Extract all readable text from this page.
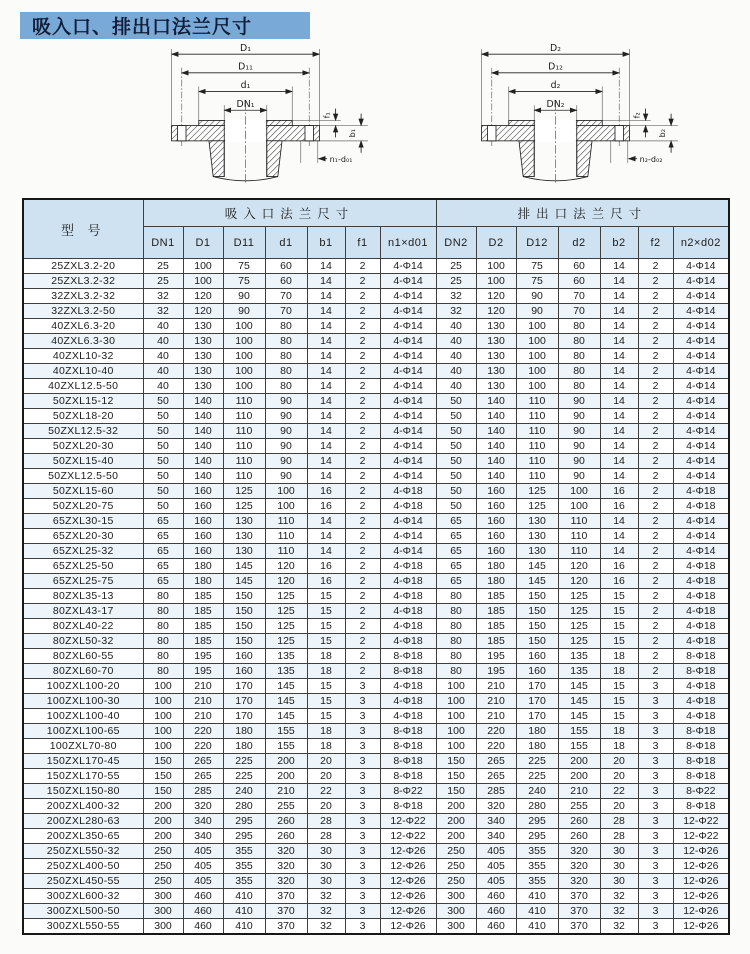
吸入口、排出口法兰尺寸
D₁
D₁₁
d₁
DN₁
f₁
b₁
n₁-d₀₁
D₂
D₁₂
d₂
DN₂
f₂
b₂
n₂-d₀₂
型 号	吸入口法兰尺寸							排出口法兰尺寸						
	DN1	D1	D11	d1	b1	f1	n1×d01	DN2	D2	D12	d2	b2	f2	n2×d02
25ZXL3.2-20	25	100	75	60	14	2	4-Φ14	25	100	75	60	14	2	4-Φ14
25ZXL3.2-32	25	100	75	60	14	2	4-Φ14	25	100	75	60	14	2	4-Φ14
32ZXL3.2-32	32	120	90	70	14	2	4-Φ14	32	120	90	70	14	2	4-Φ14
32ZXL3.2-50	32	120	90	70	14	2	4-Φ14	32	120	90	70	14	2	4-Φ14
40ZXL6.3-20	40	130	100	80	14	2	4-Φ14	40	130	100	80	14	2	4-Φ14
40ZXL6.3-30	40	130	100	80	14	2	4-Φ14	40	130	100	80	14	2	4-Φ14
40ZXL10-32	40	130	100	80	14	2	4-Φ14	40	130	100	80	14	2	4-Φ14
40ZXL10-40	40	130	100	80	14	2	4-Φ14	40	130	100	80	14	2	4-Φ14
40ZXL12.5-50	40	130	100	80	14	2	4-Φ14	40	130	100	80	14	2	4-Φ14
50ZXL15-12	50	140	110	90	14	2	4-Φ14	50	140	110	90	14	2	4-Φ14
50ZXL18-20	50	140	110	90	14	2	4-Φ14	50	140	110	90	14	2	4-Φ14
50ZXL12.5-32	50	140	110	90	14	2	4-Φ14	50	140	110	90	14	2	4-Φ14
50ZXL20-30	50	140	110	90	14	2	4-Φ14	50	140	110	90	14	2	4-Φ14
50ZXL15-40	50	140	110	90	14	2	4-Φ14	50	140	110	90	14	2	4-Φ14
50ZXL12.5-50	50	140	110	90	14	2	4-Φ14	50	140	110	90	14	2	4-Φ14
50ZXL15-60	50	160	125	100	16	2	4-Φ18	50	160	125	100	16	2	4-Φ18
50ZXL20-75	50	160	125	100	16	2	4-Φ18	50	160	125	100	16	2	4-Φ18
65ZXL30-15	65	160	130	110	14	2	4-Φ14	65	160	130	110	14	2	4-Φ14
65ZXL20-30	65	160	130	110	14	2	4-Φ14	65	160	130	110	14	2	4-Φ14
65ZXL25-32	65	160	130	110	14	2	4-Φ14	65	160	130	110	14	2	4-Φ14
65ZXL25-50	65	180	145	120	16	2	4-Φ18	65	180	145	120	16	2	4-Φ18
65ZXL25-75	65	180	145	120	16	2	4-Φ18	65	180	145	120	16	2	4-Φ18
80ZXL35-13	80	185	150	125	15	2	4-Φ18	80	185	150	125	15	2	4-Φ18
80ZXL43-17	80	185	150	125	15	2	4-Φ18	80	185	150	125	15	2	4-Φ18
80ZXL40-22	80	185	150	125	15	2	4-Φ18	80	185	150	125	15	2	4-Φ18
80ZXL50-32	80	185	150	125	15	2	4-Φ18	80	185	150	125	15	2	4-Φ18
80ZXL60-55	80	195	160	135	18	2	8-Φ18	80	195	160	135	18	2	8-Φ18
80ZXL60-70	80	195	160	135	18	2	8-Φ18	80	195	160	135	18	2	8-Φ18
100ZXL100-20	100	210	170	145	15	3	4-Φ18	100	210	170	145	15	3	4-Φ18
100ZXL100-30	100	210	170	145	15	3	4-Φ18	100	210	170	145	15	3	4-Φ18
100ZXL100-40	100	210	170	145	15	3	4-Φ18	100	210	170	145	15	3	4-Φ18
100ZXL100-65	100	220	180	155	18	3	8-Φ18	100	220	180	155	18	3	8-Φ18
100ZXL70-80	100	220	180	155	18	3	8-Φ18	100	220	180	155	18	3	8-Φ18
150ZXL170-45	150	265	225	200	20	3	8-Φ18	150	265	225	200	20	3	8-Φ18
150ZXL170-55	150	265	225	200	20	3	8-Φ18	150	265	225	200	20	3	8-Φ18
150ZXL150-80	150	285	240	210	22	3	8-Φ22	150	285	240	210	22	3	8-Φ22
200ZXL400-32	200	320	280	255	20	3	8-Φ18	200	320	280	255	20	3	8-Φ18
200ZXL280-63	200	340	295	260	28	3	12-Φ22	200	340	295	260	28	3	12-Φ22
200ZXL350-65	200	340	295	260	28	3	12-Φ22	200	340	295	260	28	3	12-Φ22
250ZXL550-32	250	405	355	320	30	3	12-Φ26	250	405	355	320	30	3	12-Φ26
250ZXL400-50	250	405	355	320	30	3	12-Φ26	250	405	355	320	30	3	12-Φ26
250ZXL450-55	250	405	355	320	30	3	12-Φ26	250	405	355	320	30	3	12-Φ26
300ZXL600-32	300	460	410	370	32	3	12-Φ26	300	460	410	370	32	3	12-Φ26
300ZXL500-50	300	460	410	370	32	3	12-Φ26	300	460	410	370	32	3	12-Φ26
300ZXL550-55	300	460	410	370	32	3	12-Φ26	300	460	410	370	32	3	12-Φ26
